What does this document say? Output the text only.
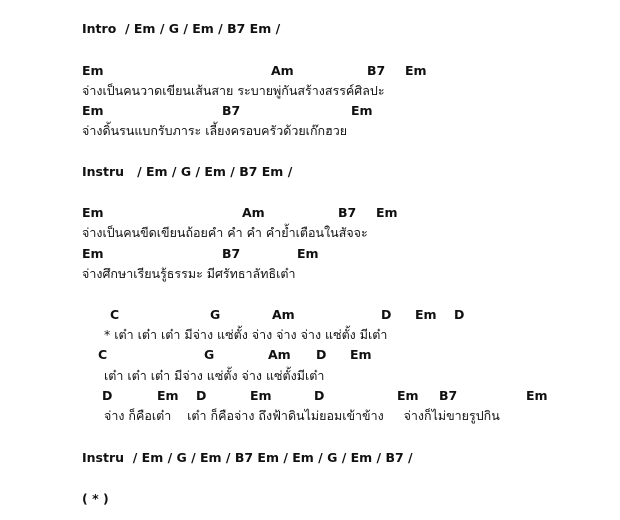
Intro  / Em / G / Em / B7 Em /
Em	Am	B7 Em
จ่างเป็นคนวาดเขียนเส้นสาย ระบายพู่กันสร้างสรรค์ศิลปะ
Em	B7	Em
จ่างดิ้นรนแบกรับภาระ เลี้ยงครอบครัวด้วยเก๊กฮวย
Instru   / Em / G / Em / B7 Em /
Em	Am	B7 Em
จ่างเป็นคนขีดเขียนถ้อยคำ คำ คำ คำย้ำเตือนในสัจจะ
Em	B7	Em
จ่างศึกษาเรียนรู้ธรรมะ มีศรัทธาลัทธิเต๋า
C	G	Am	D Em D
* เต๋า เต๋า เต๋า มีจ่าง แซ่ตั้ง จ่าง จ่าง จ่าง แซ่ตั้ง มีเต๋า
C	G	Am D Em
เต๋า เต๋า เต๋า มีจ่าง แซ่ตั้ง จ่าง แซ่ตั้งมีเต๋า
D	Em D	Em	D	Em B7	Em
จ่าง ก็คือเต๋า    เต๋า ก็คือจ่าง ถึงฟ้าดินไม่ยอมเข้าข้าง     จ่างก็ไม่ขายรูปกิน
Instru  / Em / G / Em / B7 Em / Em / G / Em / B7 /
( * )
